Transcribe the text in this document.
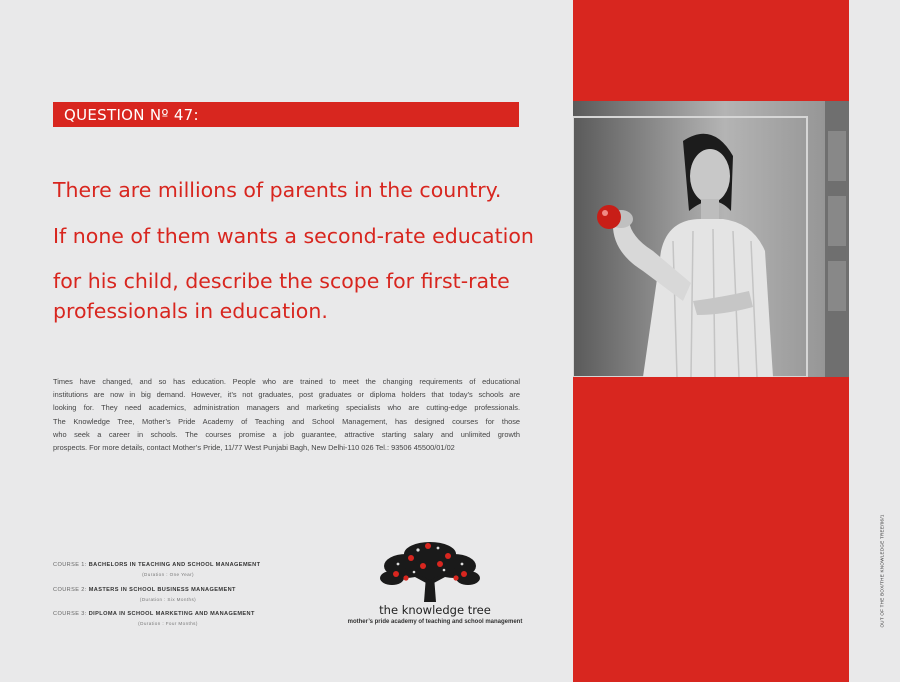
QUESTION Nº 47:
There are millions of parents in the country.
If none of them wants a second-rate education
for his child, describe the scope for first-rate
professionals in education.
Times have changed, and so has education. People who are trained to meet the changing requirements of educational
institutions are now in big demand. However, it’s not graduates, post graduates or diploma holders that today’s schools are
looking for. They need academics, administration managers and marketing specialists who are cutting-edge professionals.
The Knowledge Tree, Mother’s Pride Academy of Teaching and School Management, has designed courses for those
who seek a career in schools. The courses promise a job guarantee, attractive starting salary and unlimited growth
prospects. For more details, contact Mother’s Pride, 11/77 West Punjabi Bagh, New Delhi-110 026 Tel.: 93506 45500/01/02
COURSE 1: BACHELORS IN TEACHING AND SCHOOL MANAGEMENT
(Duration : One Year)
COURSE 2: MASTERS IN SCHOOL BUSINESS MANAGEMENT
(Duration : Six Months)
COURSE 3: DIPLOMA IN SCHOOL MARKETING AND MANAGEMENT
(Duration : Four Months)
the knowledge tree
mother’s pride academy of teaching and school management	OUT OF THE BOX/THE KNOWLEDGE TREE/06/1
